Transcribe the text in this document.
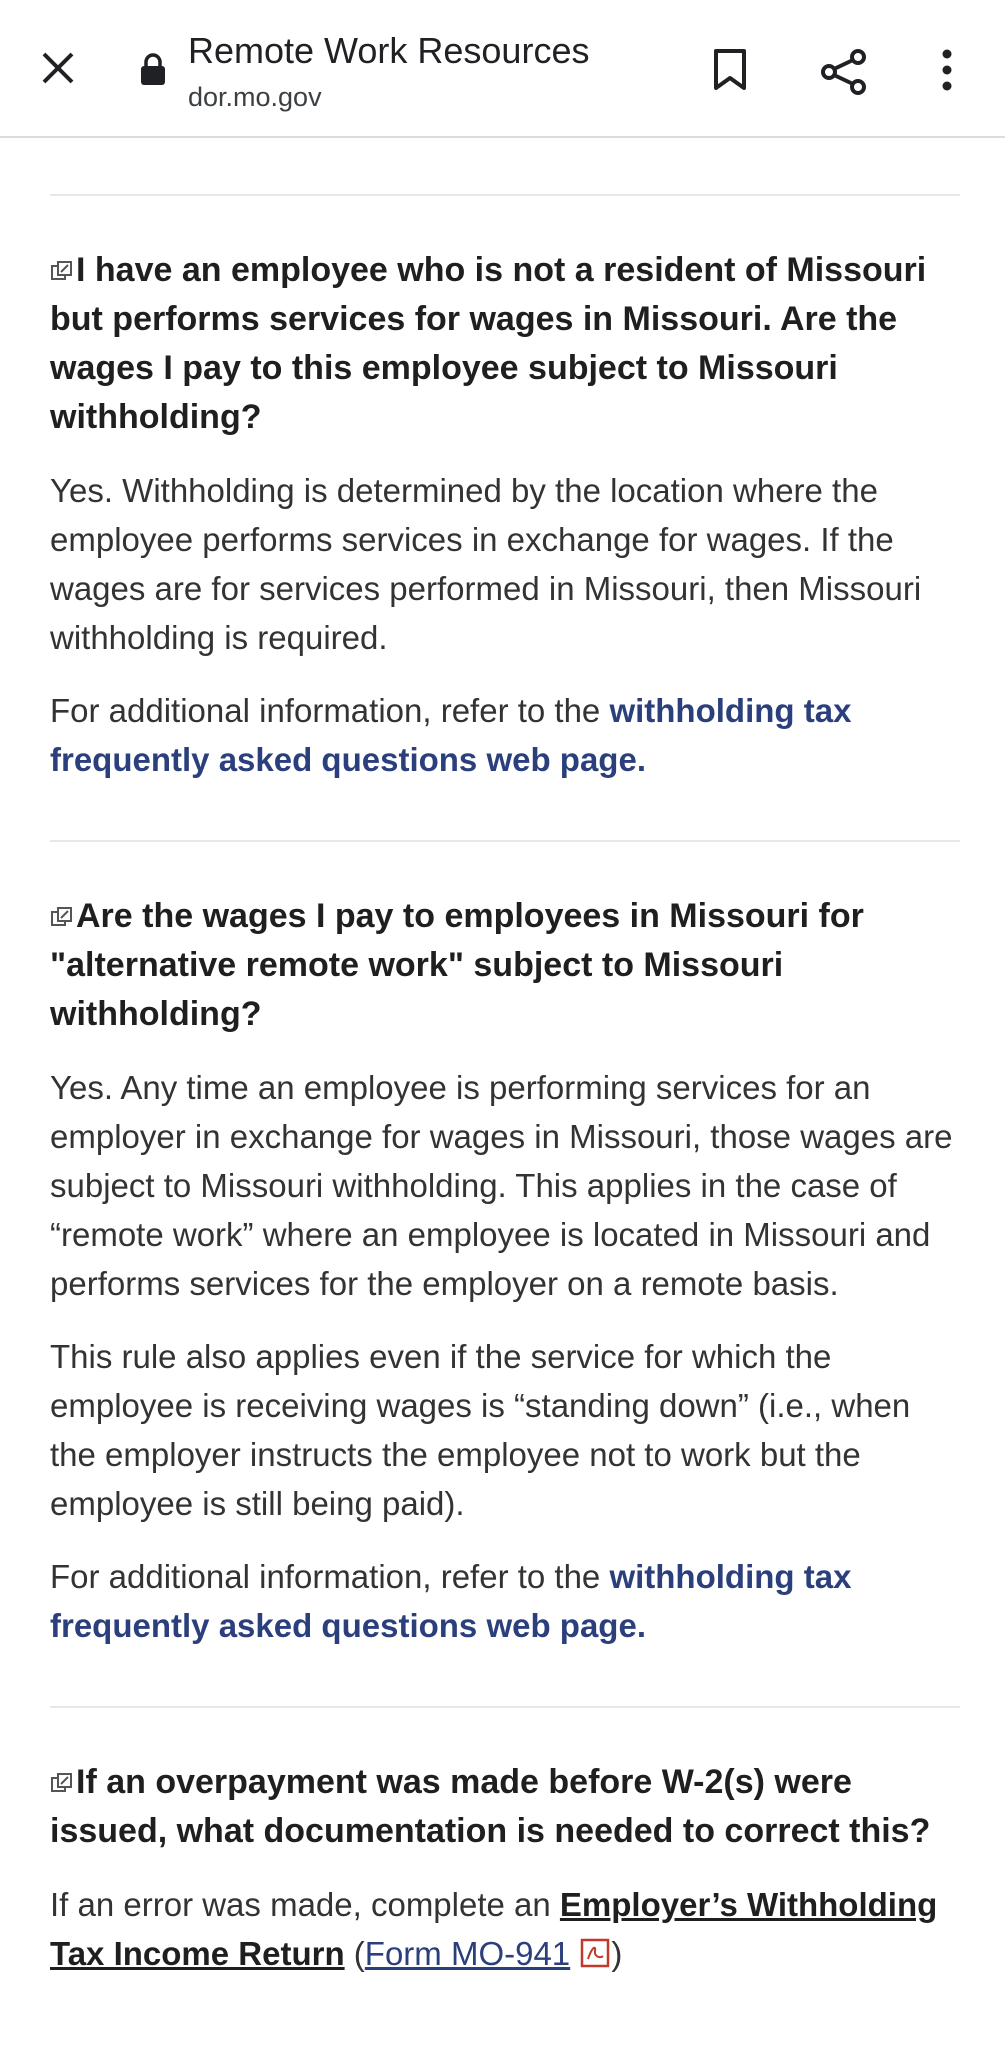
Remote Work Resources
dor.mo.gov

I have an employee who is not a resident of Missouri but performs services for wages in Missouri. Are the wages I pay to this employee subject to Missouri withholding?

Yes. Withholding is determined by the location where the employee performs services in exchange for wages. If the wages are for services performed in Missouri, then Missouri withholding is required.

For additional information, refer to the withholding tax frequently asked questions web page.

Are the wages I pay to employees in Missouri for "alternative remote work" subject to Missouri withholding?

Yes. Any time an employee is performing services for an employer in exchange for wages in Missouri, those wages are subject to Missouri withholding. This applies in the case of “remote work” where an employee is located in Missouri and performs services for the employer on a remote basis.

This rule also applies even if the service for which the employee is receiving wages is “standing down” (i.e., when the employer instructs the employee not to work but the employee is still being paid).

For additional information, refer to the withholding tax frequently asked questions web page.

If an overpayment was made before W-2(s) were issued, what documentation is needed to correct this?

If an error was made, complete an Employer’s Withholding Tax Income Return (Form MO-941 )
